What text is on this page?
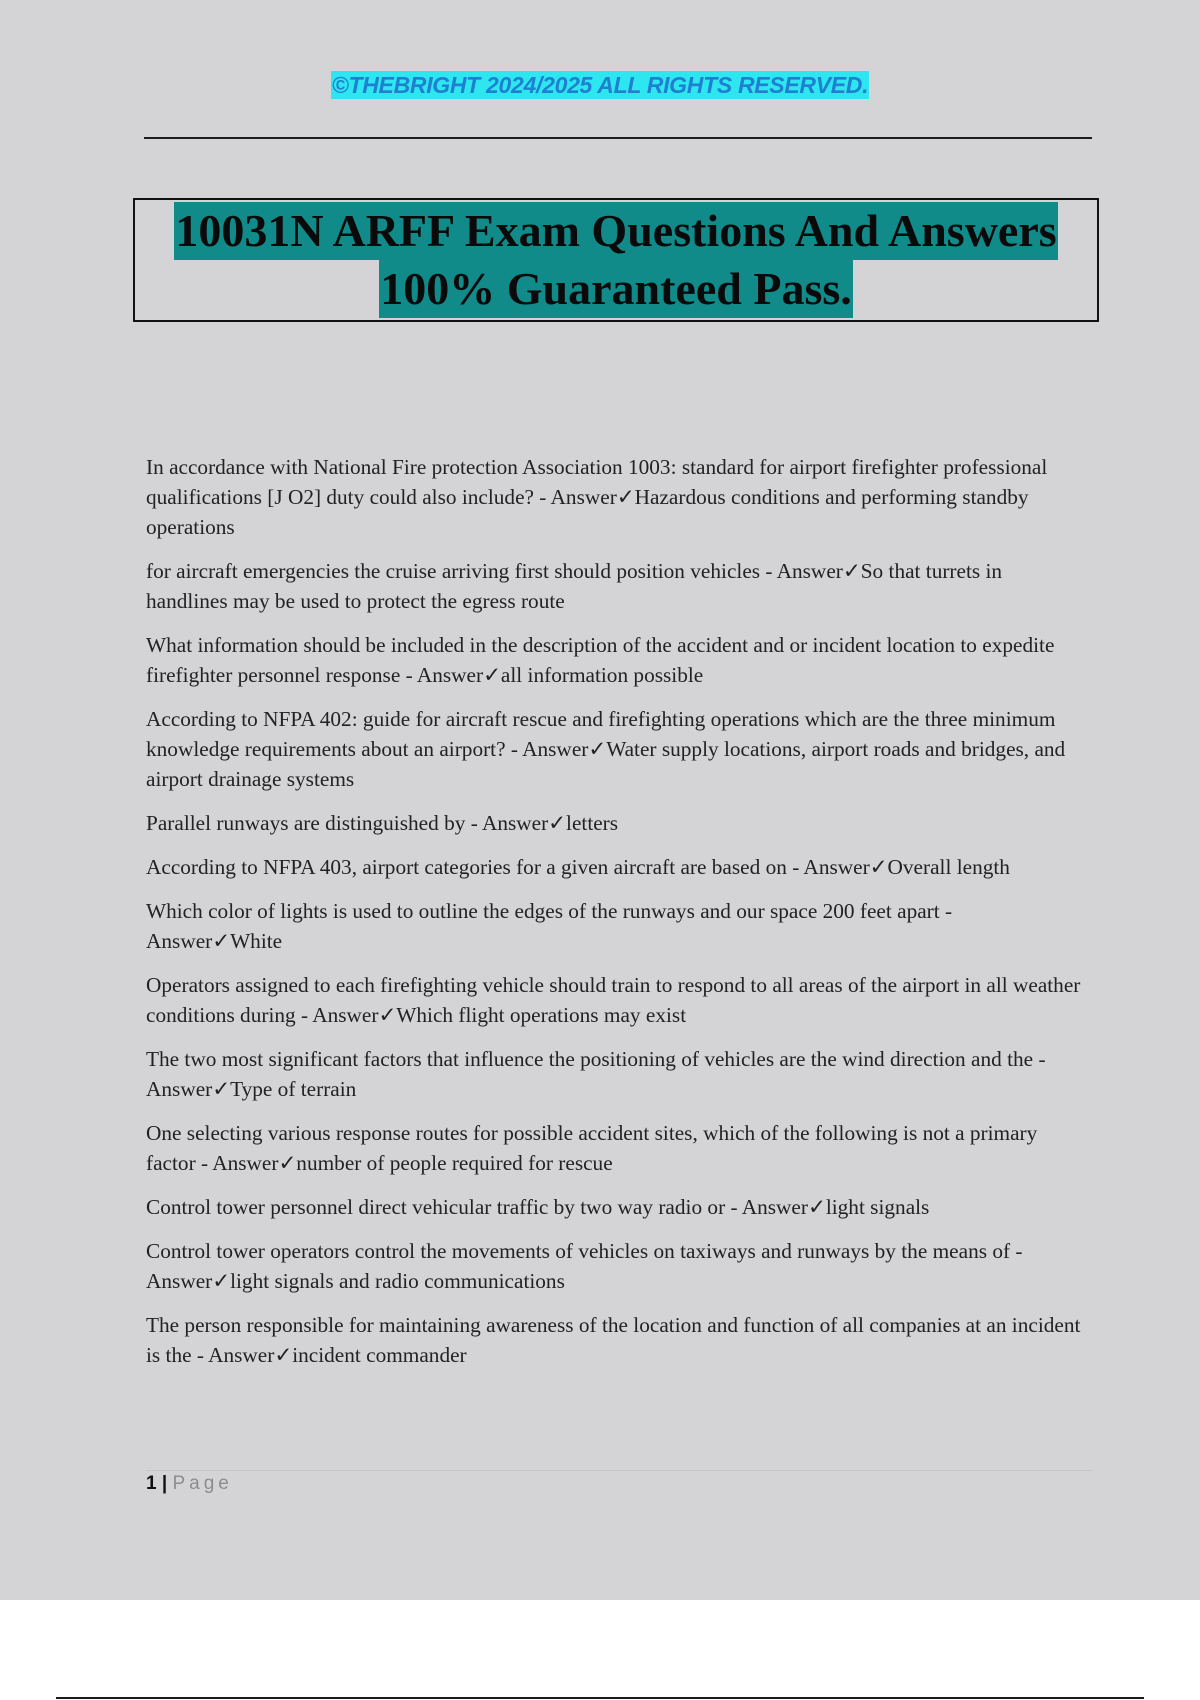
©THEBRIGHT 2024/2025 ALL RIGHTS RESERVED.
10031N ARFF Exam Questions And Answers
100% Guaranteed Pass.

In accordance with National Fire protection Association 1003: standard for airport firefighter professional qualifications [J O2] duty could also include? - Answer✓Hazardous conditions and performing standby operations

for aircraft emergencies the cruise arriving first should position vehicles - Answer✓So that turrets in handlines may be used to protect the egress route

What information should be included in the description of the accident and or incident location to expedite firefighter personnel response - Answer✓all information possible

According to NFPA 402: guide for aircraft rescue and firefighting operations which are the three minimum knowledge requirements about an airport? - Answer✓Water supply locations, airport roads and bridges, and airport drainage systems

Parallel runways are distinguished by - Answer✓letters

According to NFPA 403, airport categories for a given aircraft are based on - Answer✓Overall length

Which color of lights is used to outline the edges of the runways and our space 200 feet apart - Answer✓White

Operators assigned to each firefighting vehicle should train to respond to all areas of the airport in all weather conditions during - Answer✓Which flight operations may exist

The two most significant factors that influence the positioning of vehicles are the wind direction and the - Answer✓Type of terrain

One selecting various response routes for possible accident sites, which of the following is not a primary factor - Answer✓number of people required for rescue

Control tower personnel direct vehicular traffic by two way radio or - Answer✓light signals

Control tower operators control the movements of vehicles on taxiways and runways by the means of - Answer✓light signals and radio communications

The person responsible for maintaining awareness of the location and function of all companies at an incident is the - Answer✓incident commander

1 | Page
